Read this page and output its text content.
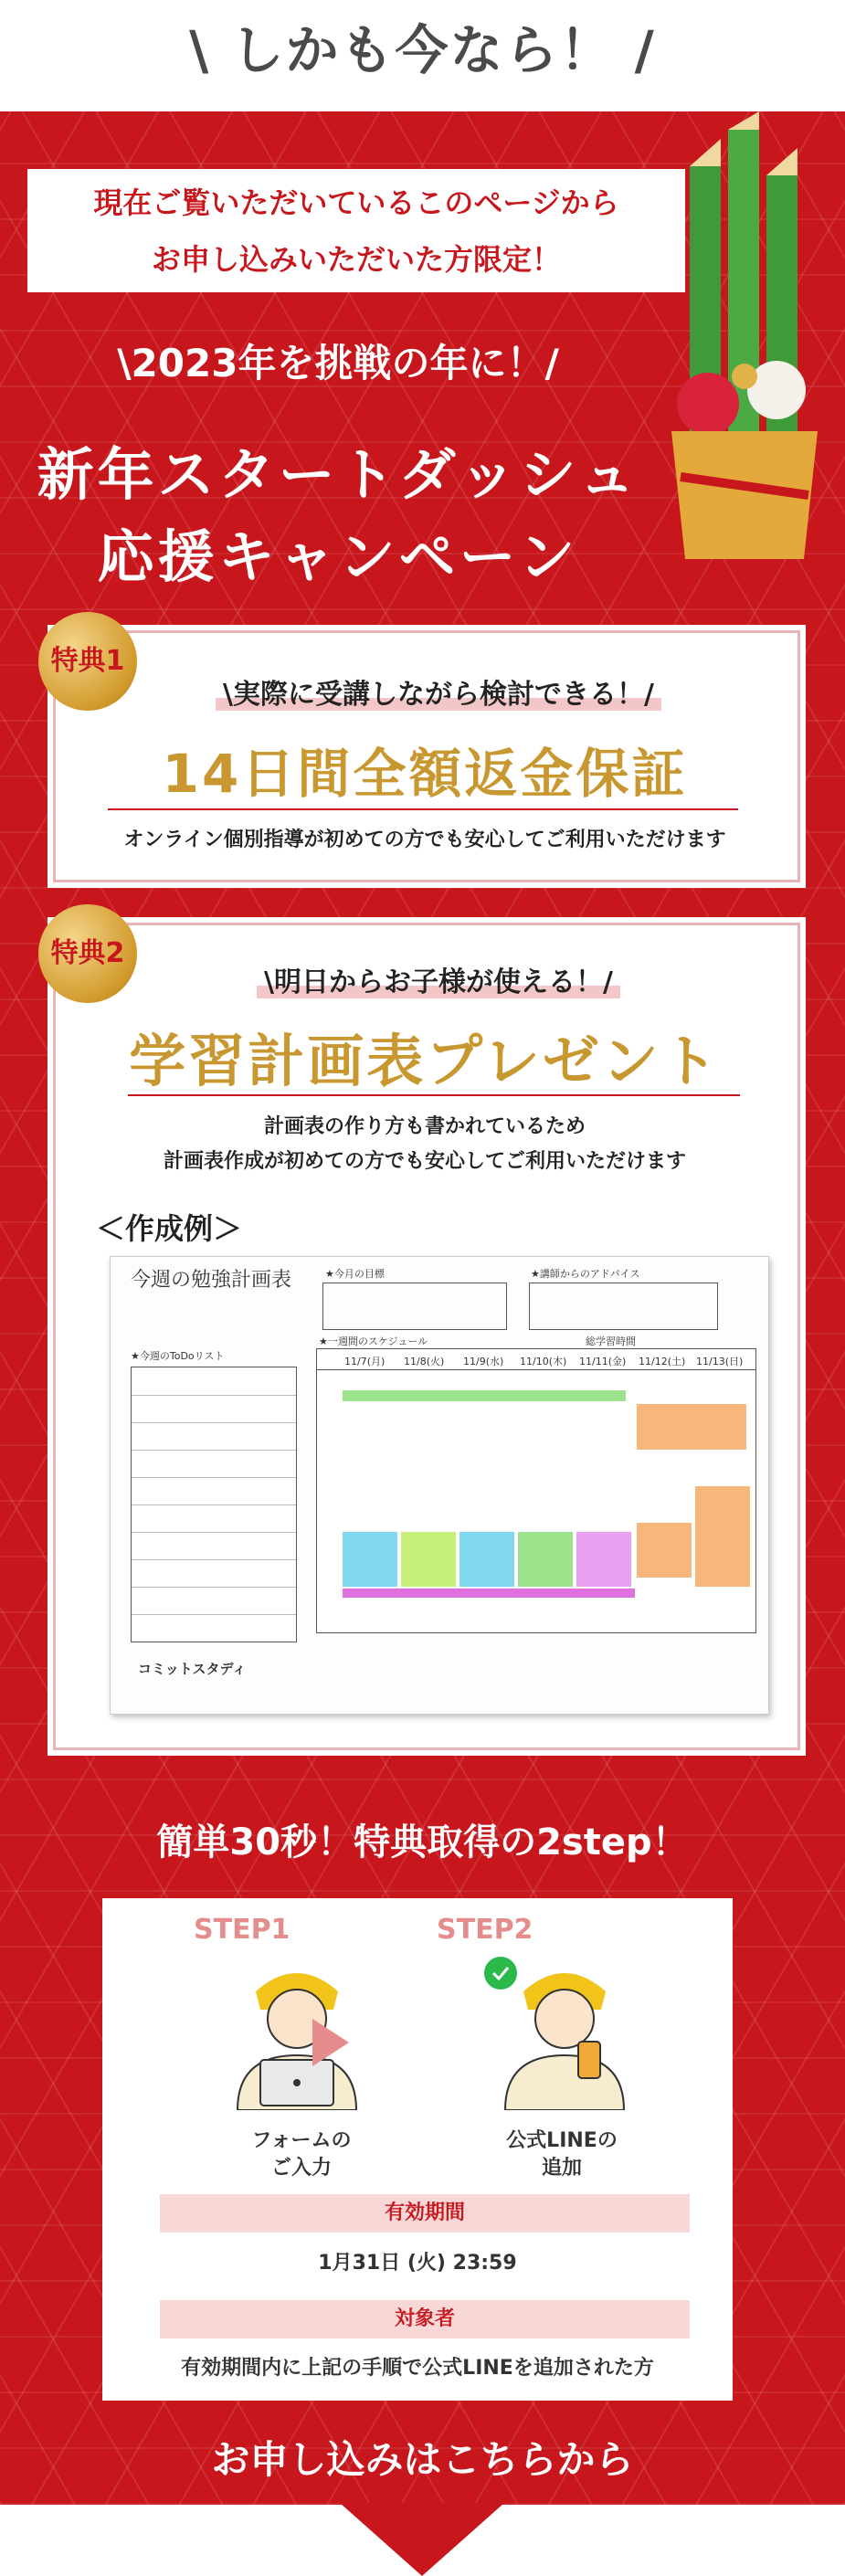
\ しかも今なら！ /
現在ご覧いただいているこのページから
お申し込みいただいた方限定！
\2023年を挑戦の年に！/
新年スタートダッシュ
応援キャンペーン
特典1
\実際に受講しながら検討できる！/
14日間全額返金保証
オンライン個別指導が初めての方でも安心してご利用いただけます
特典2
\明日からお子様が使える！/
学習計画表プレゼント
計画表の作り方も書かれているため
計画表作成が初めての方でも安心してご利用いただけます
＜作成例＞
今週の勉強計画表	★今月の目標	★講師からのアドバイス
★今週のToDoリスト
★一週間のスケジュール	総学習時間
11/7(月) 11/8(火) 11/9(水) 11/10(木) 11/11(金) 11/12(土) 11/13(日)
コミットスタディ
簡単30秒！特典取得の2step！
STEP1	STEP2
フォームの
ご入力
公式LINEの
追加
有効期間
1月31日 (火) 23:59
対象者
有効期間内に上記の手順で公式LINEを追加された方
お申し込みはこちらから
